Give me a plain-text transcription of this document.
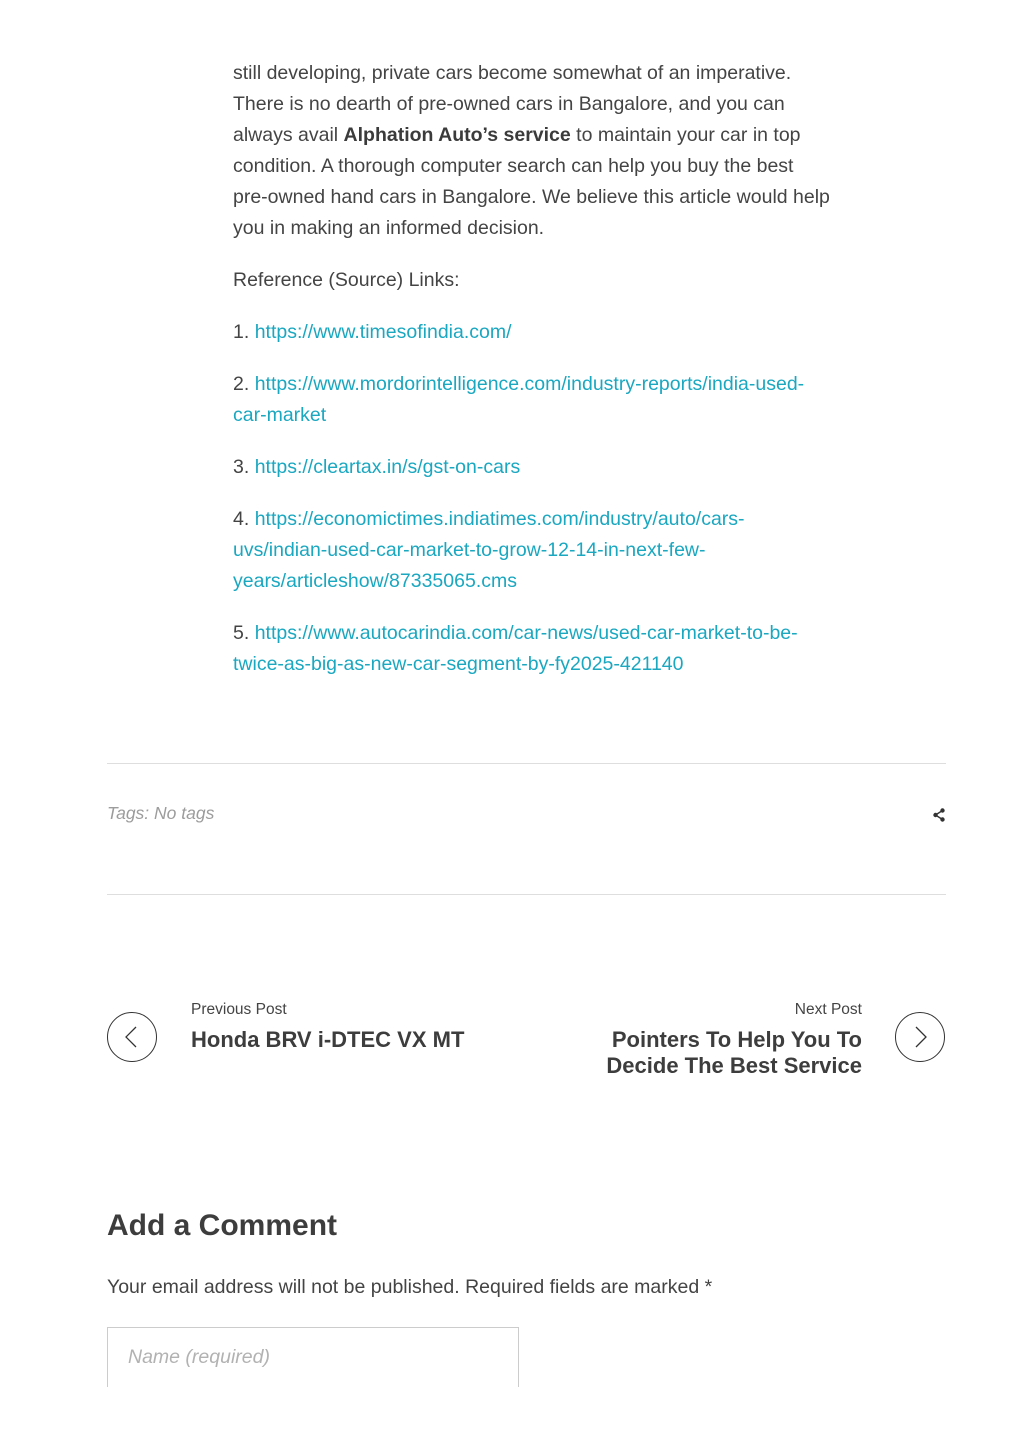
still developing, private cars become somewhat of an imperative. There is no dearth of pre-owned cars in Bangalore, and you can always avail Alphation Auto’s service to maintain your car in top condition. A thorough computer search can help you buy the best pre-owned hand cars in Bangalore. We believe this article would help you in making an informed decision.

Reference (Source) Links:

1. https://www.timesofindia.com/

2. https://www.mordorintelligence.com/industry-reports/india-used-car-market

3. https://cleartax.in/s/gst-on-cars

4. https://economictimes.indiatimes.com/industry/auto/cars-uvs/indian-used-car-market-to-grow-12-14-in-next-few-years/articleshow/87335065.cms

5. https://www.autocarindia.com/car-news/used-car-market-to-be-twice-as-big-as-new-car-segment-by-fy2025-421140

Tags: No tags
Previous Post
Honda BRV i-DTEC VX MT
Next Post
Pointers To Help You To
Decide The Best Service
Add a Comment
Your email address will not be published. Required fields are marked *
Name (required)
